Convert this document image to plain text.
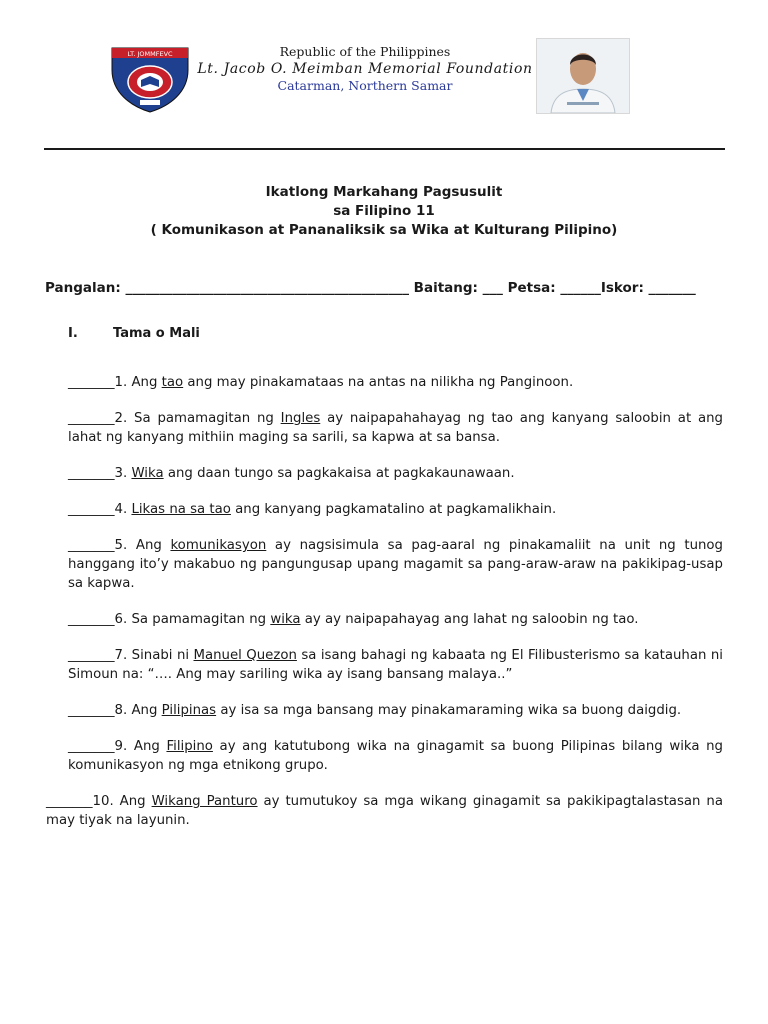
LT. JOMMFEVC	Republic of the Philippines
Lt. Jacob O. Meimban Memorial Foundation
Catarman, Northern Samar
Ikatlong Markahang Pagsusulit
sa Filipino 11
( Komunikason at Pananaliksik sa Wika at Kulturang Pilipino)
Pangalan: __________________________________________ Baitang: ___ Petsa: ______Iskor: _______
I.	Tama o Mali

_______1. Ang tao ang may pinakamataas na antas na nilikha ng Panginoon.

_______2. Sa pamamagitan ng Ingles ay naipapahahayag ng tao ang kanyang saloobin at ang lahat ng kanyang mithiin maging sa sarili, sa kapwa at sa bansa.

_______3. Wika ang daan tungo sa pagkakaisa at pagkakaunawaan.

_______4. Likas na sa tao ang kanyang pagkamatalino at pagkamalikhain.

_______5. Ang komunikasyon ay nagsisimula sa pag-aaral ng pinakamaliit na unit ng tunog hanggang ito’y makabuo ng pangungusap upang magamit sa pang-araw-araw na pakikipag-usap sa kapwa.

_______6. Sa pamamagitan ng wika ay ay naipapahayag ang lahat ng saloobin ng tao.

_______7. Sinabi ni Manuel Quezon sa isang bahagi ng kabaata ng El Filibusterismo sa katauhan ni Simoun na: “…. Ang may sariling wika ay isang bansang malaya..”

_______8. Ang Pilipinas ay isa sa mga bansang may pinakamaraming wika sa buong daigdig.

_______9. Ang Filipino ay ang katutubong wika na ginagamit sa buong Pilipinas bilang wika ng komunikasyon ng mga etnikong grupo.

_______10. Ang Wikang Panturo ay tumutukoy sa mga wikang ginagamit sa pakikipagtalastasan na may tiyak na layunin.
